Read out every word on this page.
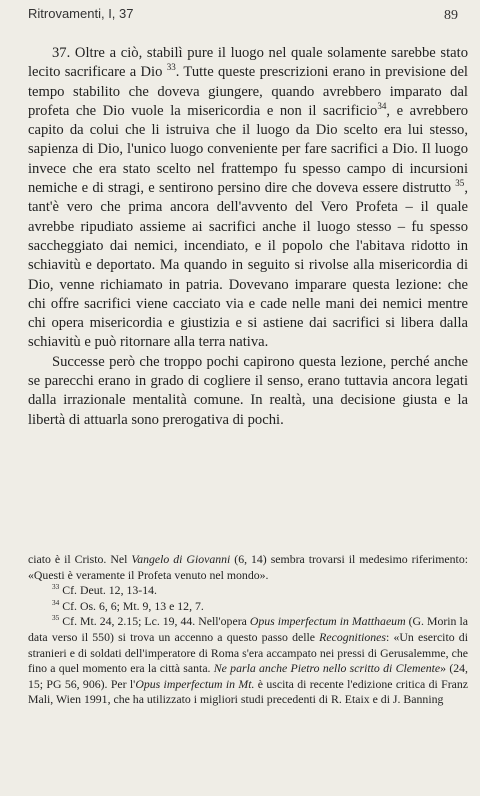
Ritrovamenti, I, 37	89

37. Oltre a ciò, stabilì pure il luogo nel quale solamente sarebbe stato lecito sacrificare a Dio $^{33}$. Tutte queste prescrizioni erano in previsione del tempo stabilito che doveva giungere, quando avrebbero imparato dal profeta che Dio vuole la misericordia e non il sacrificio$^{34}$, e avrebbero capito da colui che li istruiva che il luogo da Dio scelto era lui stesso, sapienza di Dio, l'unico luogo conveniente per fare sacrifici a Dio. Il luogo invece che era stato scelto nel frattempo fu spesso campo di incursioni nemiche e di stragi, e sentirono persino dire che doveva essere distrutto $^{35}$, tant'è vero che prima ancora dell'avvento del Vero Profeta – il quale avrebbe ripudiato assieme ai sacrifici anche il luogo stesso – fu spesso saccheggiato dai nemici, incendiato, e il popolo che l'abitava ridotto in schiavitù e deportato. Ma quando in seguito si rivolse alla misericordia di Dio, venne richiamato in patria. Dovevano imparare questa lezione: che chi offre sacrifici viene cacciato via e cade nelle mani dei nemici mentre chi opera misericordia e giustizia e si astiene dai sacrifici si libera dalla schiavitù e può ritornare alla terra nativa.

Successe però che troppo pochi capirono questa lezione, perché anche se parecchi erano in grado di cogliere il senso, erano tuttavia ancora legati dalla irrazionale mentalità comune. In realtà, una decisione giusta e la libertà di attuarla sono prerogativa di pochi.

ciato è il Cristo. Nel Vangelo di Giovanni (6, 14) sembra trovarsi il medesimo riferimento: «Questi è veramente il Profeta venuto nel mondo».

$^{33}$ Cf. Deut. 12, 13-14.

$^{34}$ Cf. Os. 6, 6; Mt. 9, 13 e 12, 7.

$^{35}$ Cf. Mt. 24, 2.15; Lc. 19, 44. Nell'opera Opus imperfectum in Matthaeum (G. Morin la data verso il 550) si trova un accenno a questo passo delle Recognitiones: «Un esercito di stranieri e di soldati dell'imperatore di Roma s'era accampato nei pressi di Gerusalemme, che fino a quel momento era la città santa. Ne parla anche Pietro nello scritto di Clemente» (24, 15; PG 56, 906). Per l'Opus imperfectum in Mt. è uscita di recente l'edizione critica di Franz Mali, Wien 1991, che ha utilizzato i migliori studi precedenti di R. Etaix e di J. Banning
